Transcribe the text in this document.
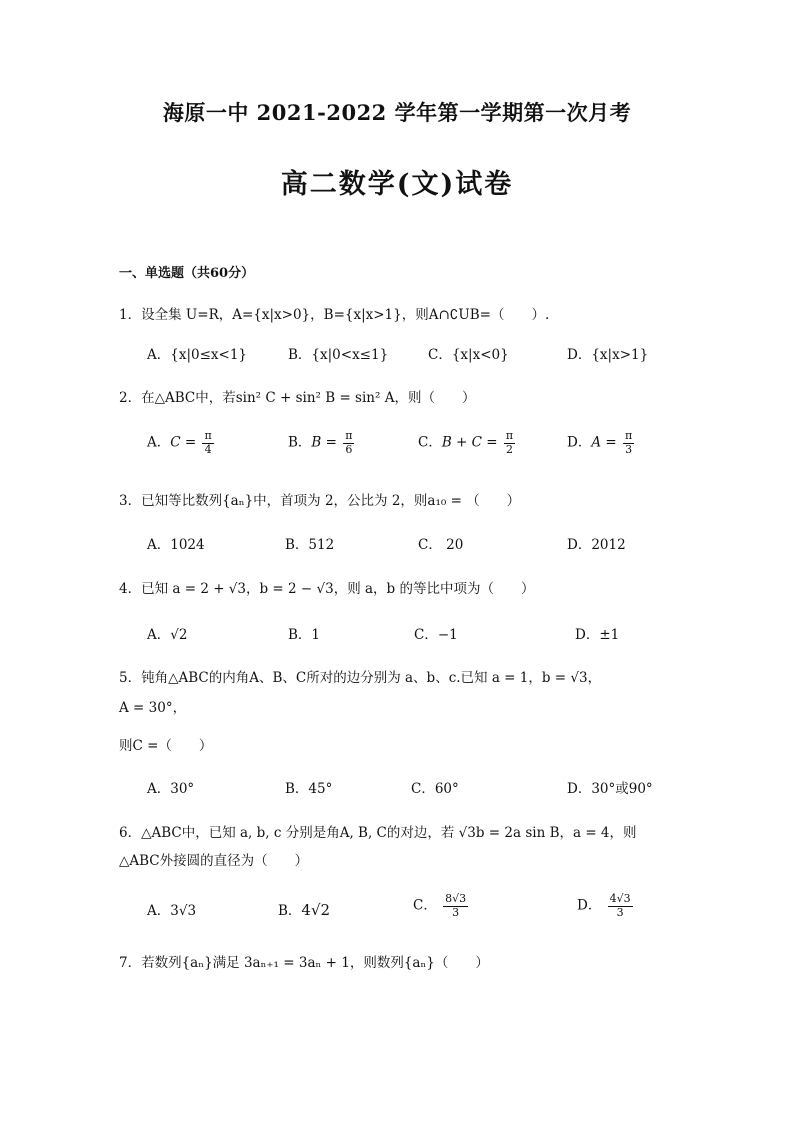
海原一中 2021-2022 学年第一学期第一次月考
高二数学(文)试卷
一、单选题（共60分）
1．设全集 U=R，A={x|x>0}，B={x|x>1}，则A∩∁UB=（　　）.
A．{x|0≤x<1}	B．{x|0<x≤1}	C．{x|x<0}	D．{x|x>1}
2．在△ABC中，若sin² C + sin² B = sin² A，则（　　）
A．$C = \frac{\pi}{4}$	B．$B = \frac{\pi}{6}$	C．$B + C = \frac{\pi}{2}$	D．$A = \frac{\pi}{3}$
3．已知等比数列{aₙ}中，首项为 2，公比为 2，则a₁₀ = （　　）
A．1024	B．512	C． 20	D．2012
4．已知 a = 2 + √3，b = 2 − √3，则 a，b 的等比中项为（　　）
A．√2	B．1	C．−1	D．±1
5．钝角△ABC的内角A、B、C所对的边分别为 a、b、c.已知 a = 1，b = √3，
A = 30°，
则C =（　　）
A．30°	B．45°	C．60°	D．30°或90°
6．△ABC中，已知 a, b, c 分别是角A, B, C的对边，若 √3b = 2a sin B，a = 4，则
△ABC外接圆的直径为（　　）
A．3√3	B．4√2	C． $\frac{8√3}{3}$	D． $\frac{4√3}{3}$
7．若数列{aₙ}满足 3aₙ₊₁ = 3aₙ + 1，则数列{aₙ}（　　）
